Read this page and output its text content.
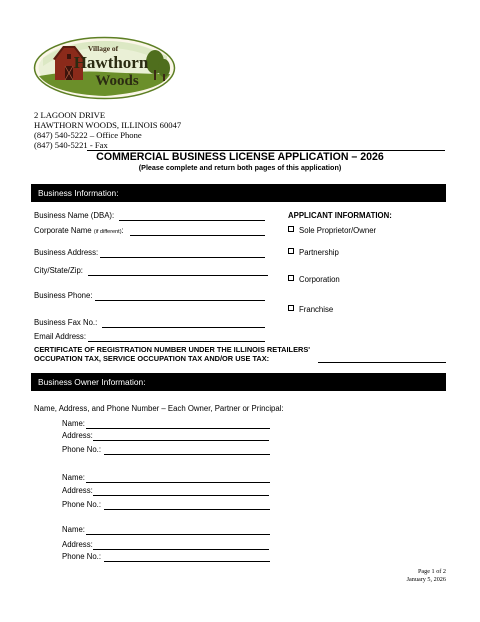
Village of
Hawthorn
Woods
2 LAGOON DRIVE
HAWTHORN WOODS, ILLINOIS 60047
(847) 540-5222 – Office Phone
(847) 540-5221 - Fax
COMMERCIAL BUSINESS LICENSE APPLICATION – 2026
(Please complete and return both pages of this application)
Business Information:
Business Name (DBA):
Corporate Name (if different):
Business Address:
City/State/Zip:
Business Phone:
Business Fax No.:
Email Address:
CERTIFICATE OF REGISTRATION NUMBER UNDER THE ILLINOIS RETAILERS'
OCCUPATION TAX, SERVICE OCCUPATION TAX AND/OR USE TAX:
APPLICANT INFORMATION:
Sole Proprietor/Owner
Partnership
Corporation
Franchise
Business Owner Information:
Name, Address, and Phone Number – Each Owner, Partner or Principal:
Name:
Address:
Phone No.:
Name:
Address:
Phone No.:
Name:
Address:
Phone No.:
Page 1 of 2
January 5, 2026
